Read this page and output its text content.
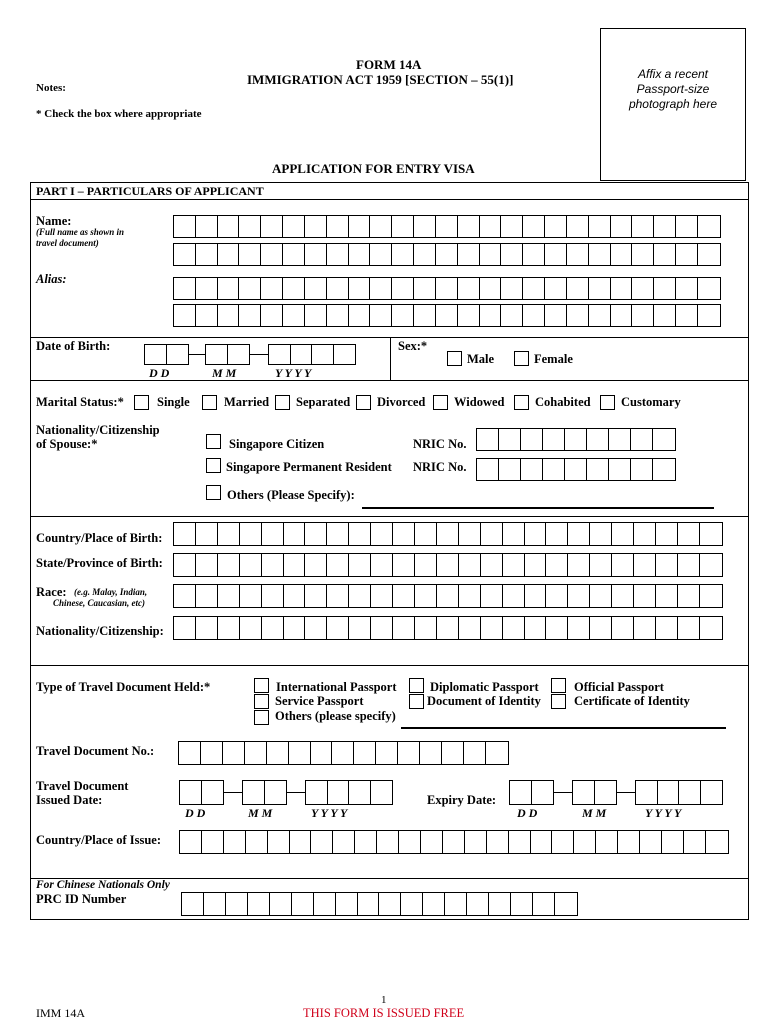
FORM 14A
IMMIGRATION ACT 1959 [SECTION – 55(1)]
Notes:
* Check the box where appropriate
Affix a recent
Passport-size
photograph here
APPLICATION FOR ENTRY VISA
PART I – PARTICULARS OF APPLICANT
Name:
(Full name as shown in
travel document)
Alias:
Date of Birth:
D D	M M	Y Y Y Y
Sex:*
Male	Female
Marital Status:*	Single	Married Separated Divorced Widowed Cohabited Customary
Nationality/Citizenship
of Spouse:*	Singapore Citizen	NRIC No.
Singapore Permanent Resident NRIC No.
Others (Please Specify):
Country/Place of Birth:
State/Province of Birth:
Race: (e.g. Malay, Indian,
Chinese, Caucasian, etc)
Nationality/Citizenship:
Type of Travel Document Held:*	International Passport	Diplomatic Passport	Official Passport
Service Passport	Document of Identity	Certificate of Identity
Others (please specify)
Travel Document No.:
Travel Document
Issued Date:
D D	M M	Y Y Y Y
Expiry Date:
D D	M M	Y Y Y Y
Country/Place of Issue:
For Chinese Nationals Only
PRC ID Number
1
IMM 14A	THIS FORM IS ISSUED FREE
